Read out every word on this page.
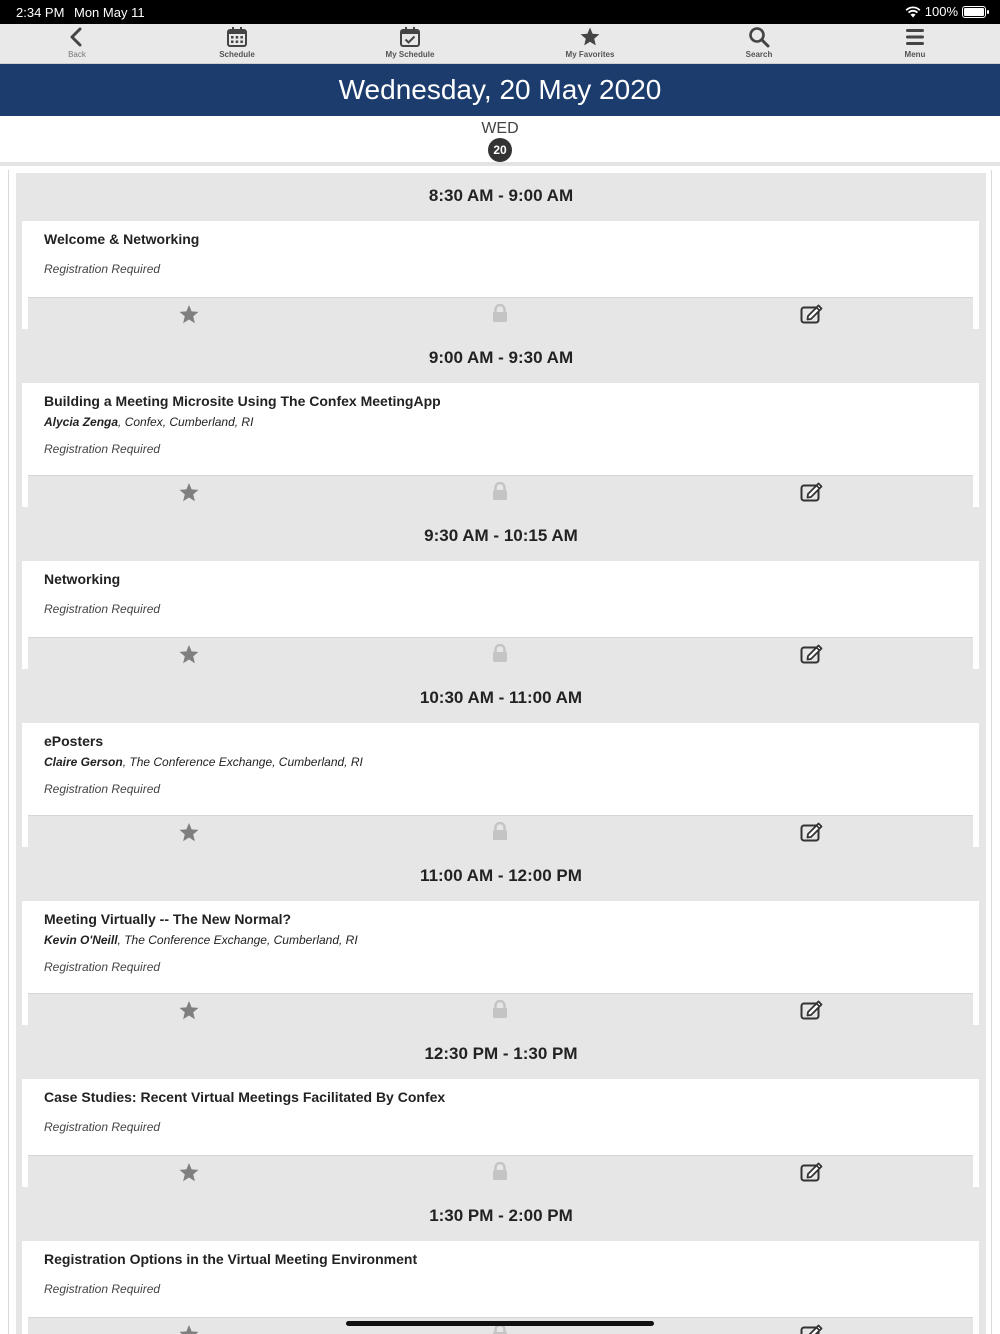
2:34 PM Mon May 11	100%
Back	Schedule	My Schedule	My Favorites	Search	Menu
Wednesday, 20 May 2020
WED
20
8:30 AM - 9:00 AM
Welcome & Networking
Registration Required
9:00 AM - 9:30 AM
Building a Meeting Microsite Using The Confex MeetingApp
Alycia Zenga, Confex, Cumberland, RI
Registration Required
9:30 AM - 10:15 AM
Networking
Registration Required
10:30 AM - 11:00 AM
ePosters
Claire Gerson, The Conference Exchange, Cumberland, RI
Registration Required
11:00 AM - 12:00 PM
Meeting Virtually -- The New Normal?
Kevin O'Neill, The Conference Exchange, Cumberland, RI
Registration Required
12:30 PM - 1:30 PM
Case Studies: Recent Virtual Meetings Facilitated By Confex
Registration Required
1:30 PM - 2:00 PM
Registration Options in the Virtual Meeting Environment
Registration Required
